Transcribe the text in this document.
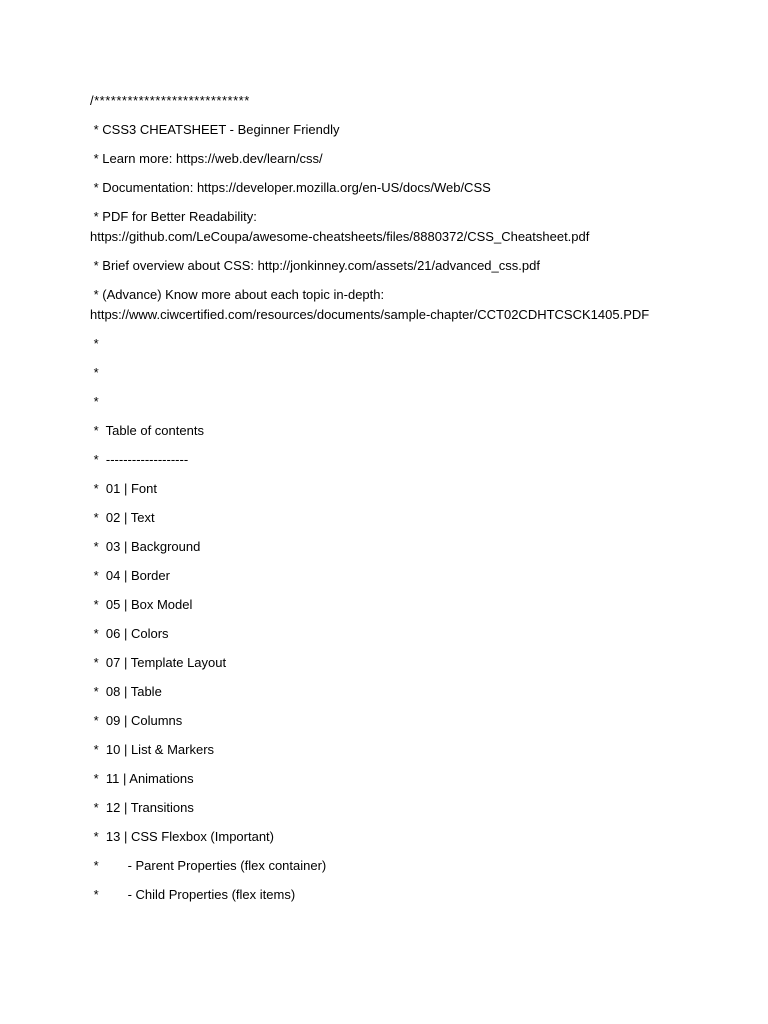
/****************************
* CSS3 CHEATSHEET - Beginner Friendly
* Learn more: https://web.dev/learn/css/
* Documentation: https://developer.mozilla.org/en-US/docs/Web/CSS
* PDF for Better Readability:
https://github.com/LeCoupa/awesome-cheatsheets/files/8880372/CSS_Cheatsheet.pdf
* Brief overview about CSS: http://jonkinney.com/assets/21/advanced_css.pdf
* (Advance) Know more about each topic in-depth:
https://www.ciwcertified.com/resources/documents/sample-chapter/CCT02CDHTCSCK1405.PDF
*
*
*
*  Table of contents
*  -------------------
*  01 | Font
*  02 | Text
*  03 | Background
*  04 | Border
*  05 | Box Model
*  06 | Colors
*  07 | Template Layout
*  08 | Table
*  09 | Columns
*  10 | List & Markers
*  11 | Animations
*  12 | Transitions
*  13 | CSS Flexbox (Important)
*        - Parent Properties (flex container)
*        - Child Properties (flex items)
